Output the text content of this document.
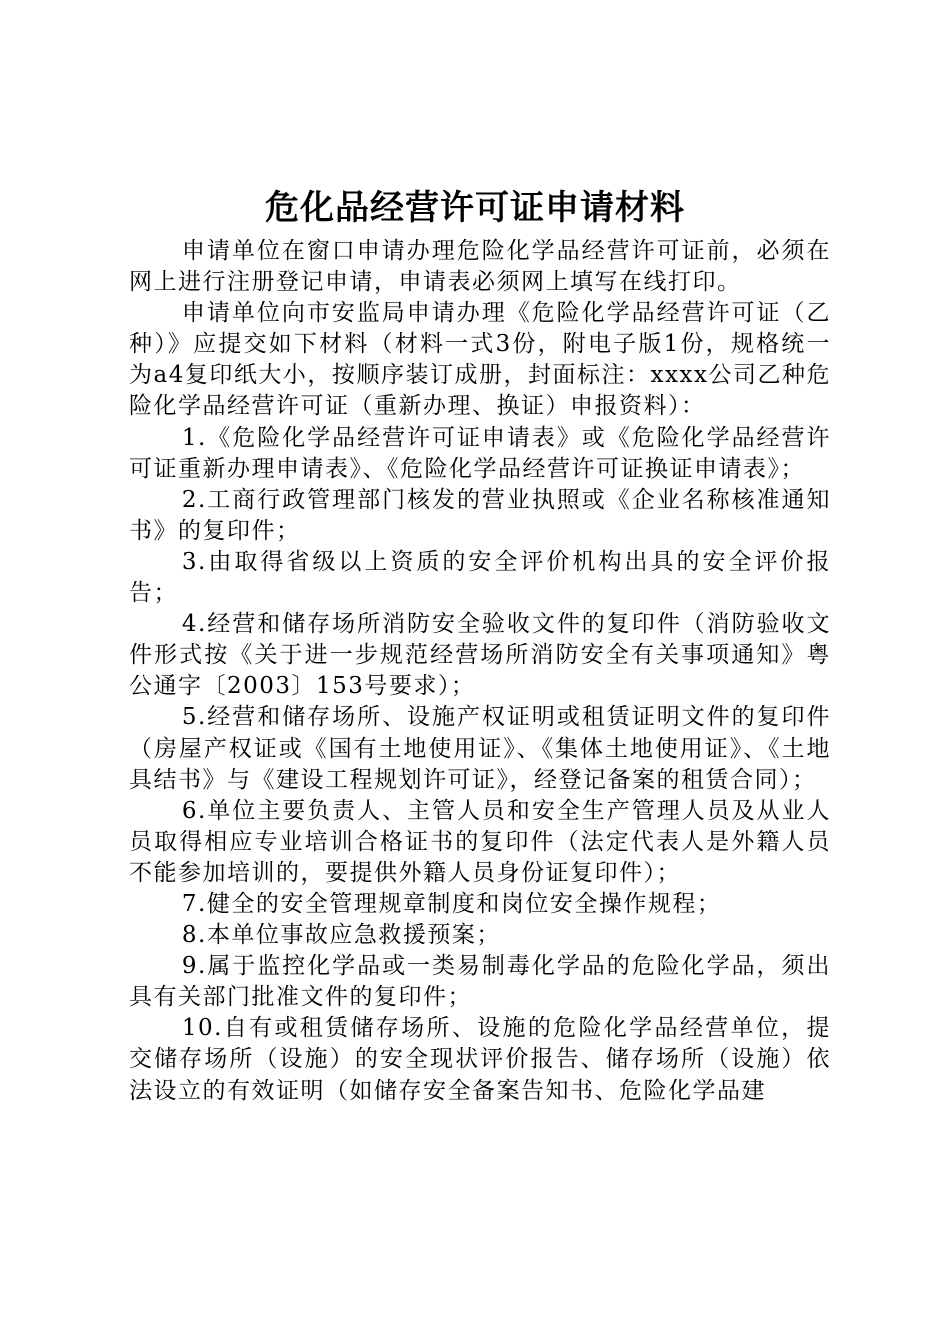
危化品经营许可证申请材料

申请单位在窗口申请办理危险化学品经营许可证前，必须在网上进行注册登记申请，申请表必须网上填写在线打印。

申请单位向市安监局申请办理《危险化学品经营许可证（乙种）》应提交如下材料（材料一式3份，附电子版1份，规格统一为a4复印纸大小，按顺序装订成册，封面标注：xxxx公司乙种危险化学品经营许可证（重新办理、换证）申报资料）：

1.《危险化学品经营许可证申请表》或《危险化学品经营许可证重新办理申请表》、《危险化学品经营许可证换证申请表》；

2.工商行政管理部门核发的营业执照或《企业名称核准通知书》的复印件；

3.由取得省级以上资质的安全评价机构出具的安全评价报告；

4.经营和储存场所消防安全验收文件的复印件（消防验收文件形式按《关于进一步规范经营场所消防安全有关事项通知》粤公通字〔2003〕153号要求）；

5.经营和储存场所、设施产权证明或租赁证明文件的复印件（房屋产权证或《国有土地使用证》、《集体土地使用证》、《土地具结书》与《建设工程规划许可证》，经登记备案的租赁合同）；

6.单位主要负责人、主管人员和安全生产管理人员及从业人员取得相应专业培训合格证书的复印件（法定代表人是外籍人员不能参加培训的，要提供外籍人员身份证复印件）；

7.健全的安全管理规章制度和岗位安全操作规程；

8.本单位事故应急救援预案；

9.属于监控化学品或一类易制毒化学品的危险化学品，须出具有关部门批准文件的复印件；

10.自有或租赁储存场所、设施的危险化学品经营单位，提交储存场所（设施）的安全现状评价报告、储存场所（设施）依法设立的有效证明（如储存安全备案告知书、危险化学品建
